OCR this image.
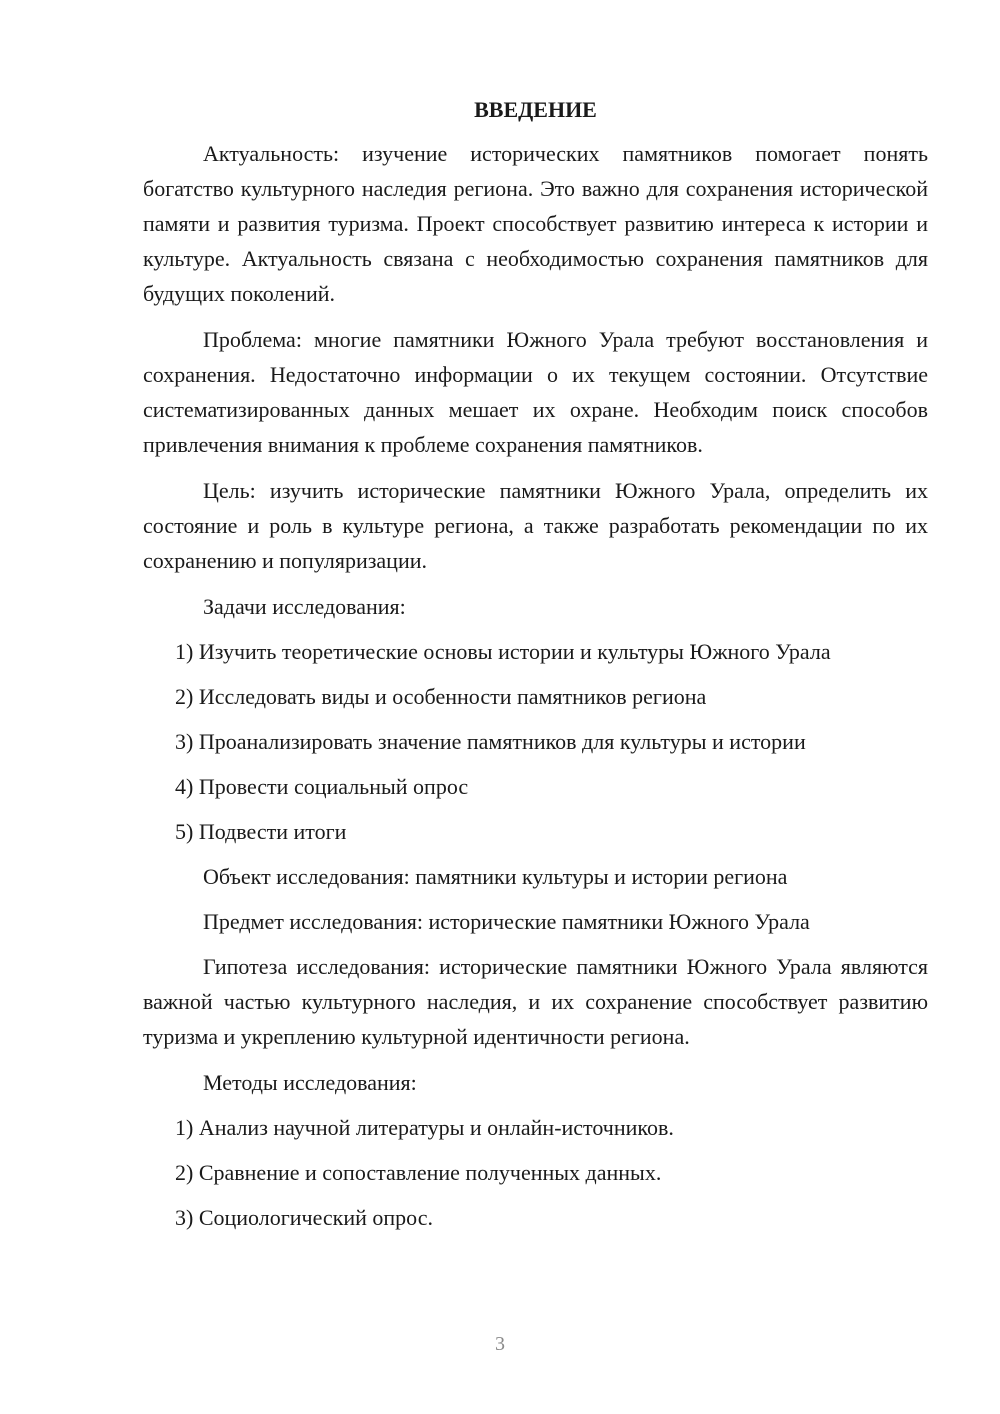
ВВЕДЕНИЕ

Актуальность: изучение исторических памятников помогает понять богатство культурного наследия региона. Это важно для сохранения исторической памяти и развития туризма. Проект способствует развитию интереса к истории и культуре. Актуальность связана с необходимостью сохранения памятников для будущих поколений.

Проблема: многие памятники Южного Урала требуют восстановления и сохранения. Недостаточно информации о их текущем состоянии. Отсутствие систематизированных данных мешает их охране. Необходим поиск способов привлечения внимания к проблеме сохранения памятников.

Цель: изучить исторические памятники Южного Урала, определить их состояние и роль в культуре региона, а также разработать рекомендации по их сохранению и популяризации.

Задачи исследования:
1) Изучить теоретические основы истории и культуры Южного Урала
2) Исследовать виды и особенности памятников региона
3) Проанализировать значение памятников для культуры и истории
4) Провести социальный опрос
5) Подвести итоги
Объект исследования: памятники культуры и истории региона
Предмет исследования: исторические памятники Южного Урала

Гипотеза исследования: исторические памятники Южного Урала являются важной частью культурного наследия, и их сохранение способствует развитию туризма и укреплению культурной идентичности региона.

Методы исследования:
1) Анализ научной литературы и онлайн-источников.
2) Сравнение и сопоставление полученных данных.
3) Социологический опрос.
3
